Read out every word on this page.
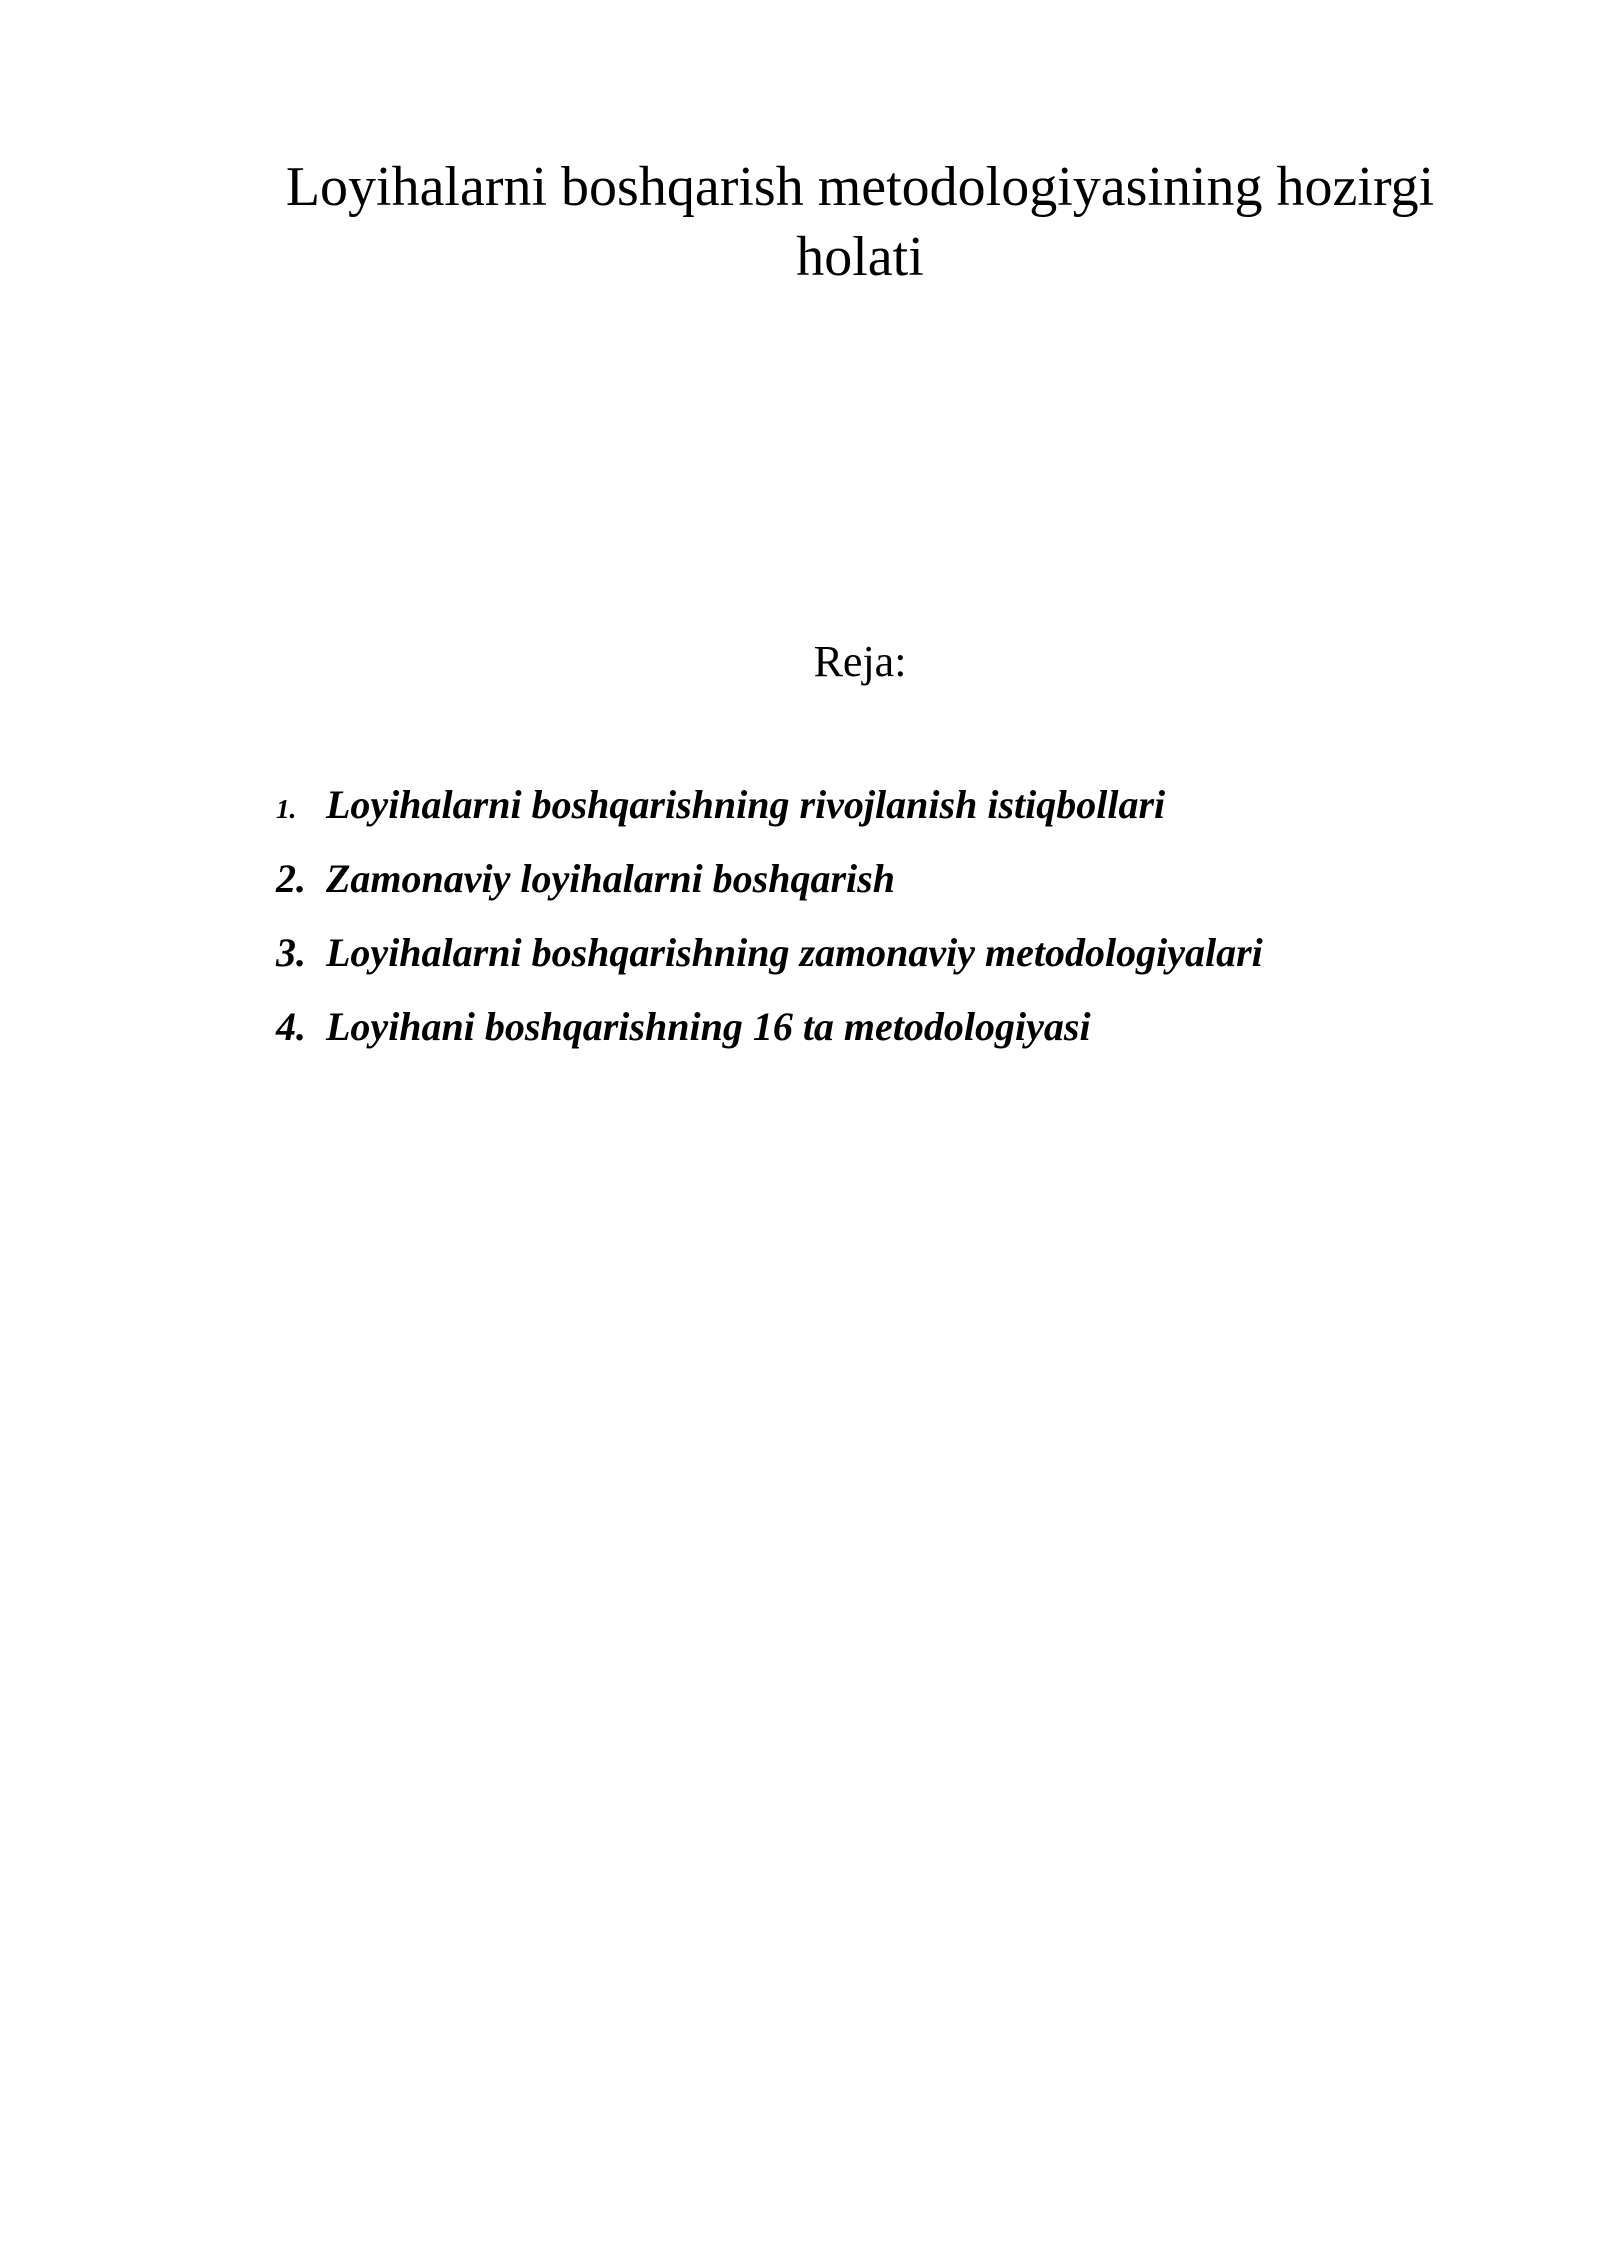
Loyihalarni boshqarish metodologiyasining hozirgi holati
Reja:
1. Loyihalarni boshqarishning rivojlanish istiqbollari
2. Zamonaviy loyihalarni boshqarish
3. Loyihalarni boshqarishning zamonaviy metodologiyalari
4. Loyihani boshqarishning 16 ta metodologiyasi
